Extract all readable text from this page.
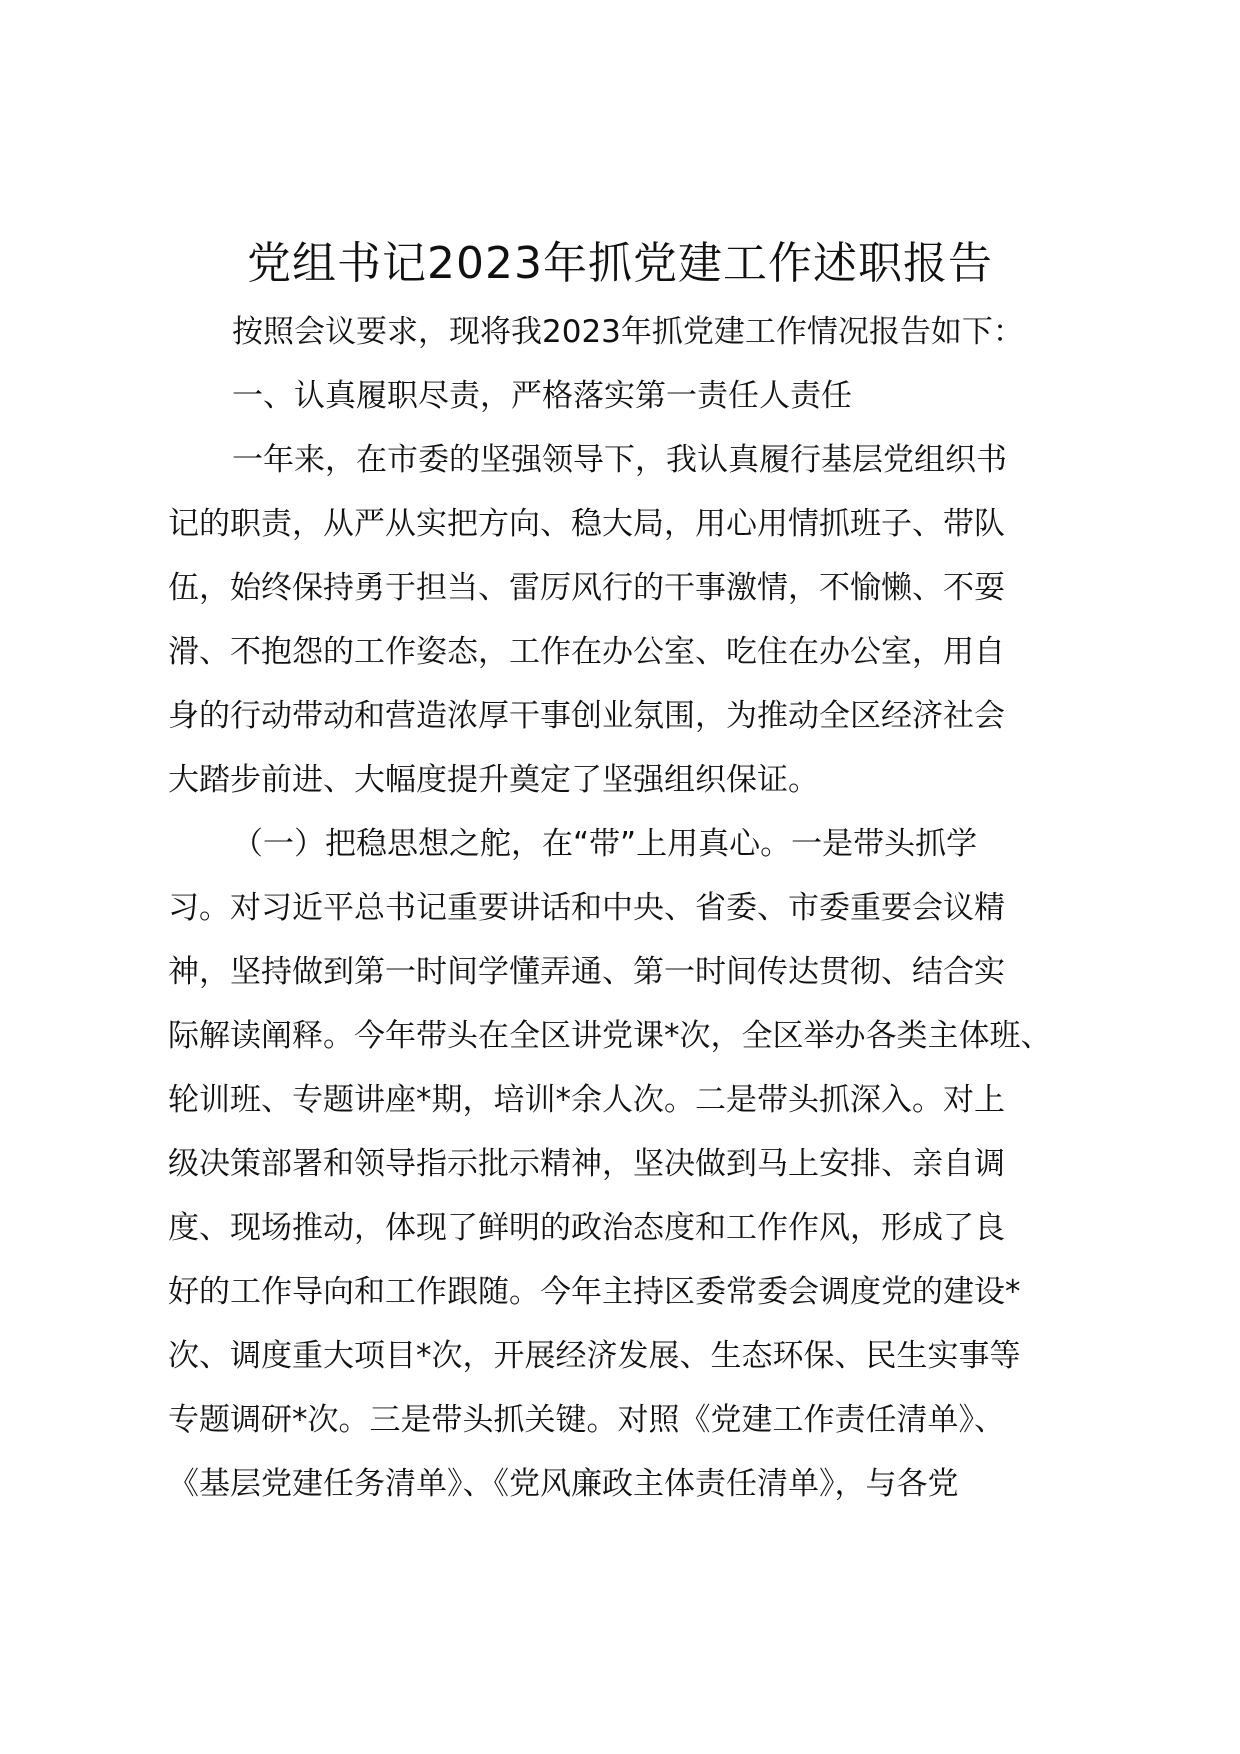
党组书记2023年抓党建工作述职报告

按照会议要求，现将我2023年抓党建工作情况报告如下：

一、认真履职尽责，严格落实第一责任人责任

一年来，在市委的坚强领导下，我认真履行基层党组织书

记的职责，从严从实把方向、稳大局，用心用情抓班子、带队

伍，始终保持勇于担当、雷厉风行的干事激情，不愉懒、不耍

滑、不抱怨的工作姿态，工作在办公室、吃住在办公室，用自

身的行动带动和营造浓厚干事创业氛围，为推动全区经济社会

大踏步前进、大幅度提升奠定了坚强组织保证。

（一）把稳思想之舵，在“带”上用真心。一是带头抓学

习。对习近平总书记重要讲话和中央、省委、市委重要会议精

神，坚持做到第一时间学懂弄通、第一时间传达贯彻、结合实

际解读阐释。今年带头在全区讲党课*次，全区举办各类主体班、

轮训班、专题讲座*期，培训*余人次。二是带头抓深入。对上

级决策部署和领导指示批示精神，坚决做到马上安排、亲自调

度、现场推动，体现了鲜明的政治态度和工作作风，形成了良

好的工作导向和工作跟随。今年主持区委常委会调度党的建设*

次、调度重大项目*次，开展经济发展、生态环保、民生实事等

专题调研*次。三是带头抓关键。对照《党建工作责任清单》、

《基层党建任务清单》、《党风廉政主体责任清单》，与各党
